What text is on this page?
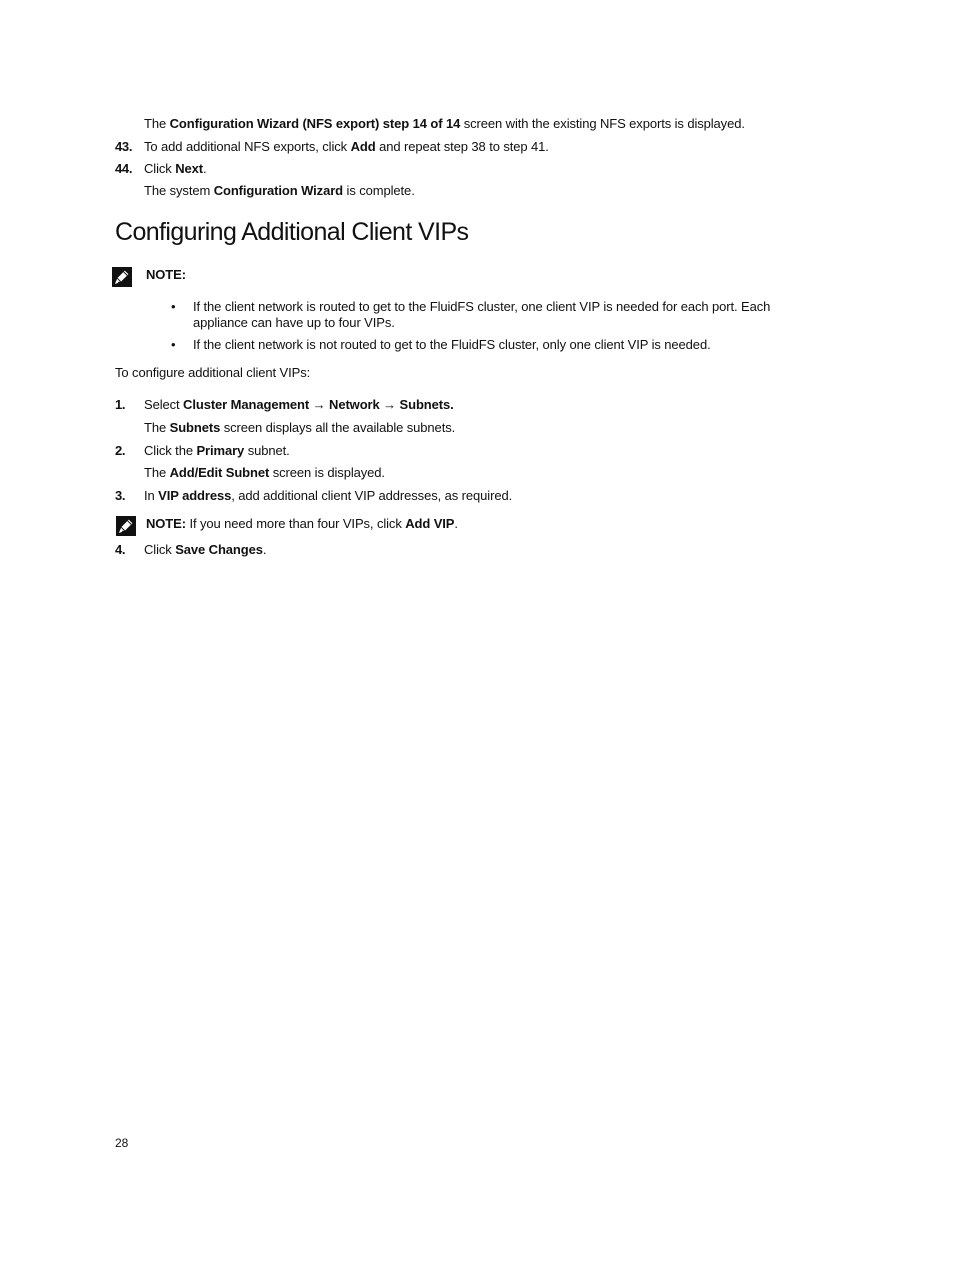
The Configuration Wizard (NFS export) step 14 of 14 screen with the existing NFS exports is displayed.
43. To add additional NFS exports, click Add and repeat step 38 to step 41.
44. Click Next.
The system Configuration Wizard is complete.
Configuring Additional Client VIPs
NOTE:
• If the client network is routed to get to the FluidFS cluster, one client VIP is needed for each port. Each
appliance can have up to four VIPs.
• If the client network is not routed to get to the FluidFS cluster, only one client VIP is needed.
To configure additional client VIPs:
1. Select Cluster Management → Network → Subnets.
The Subnets screen displays all the available subnets.
2. Click the Primary subnet.
The Add/Edit Subnet screen is displayed.
3. In VIP address, add additional client VIP addresses, as required.
NOTE: If you need more than four VIPs, click Add VIP.
4. Click Save Changes.
28
